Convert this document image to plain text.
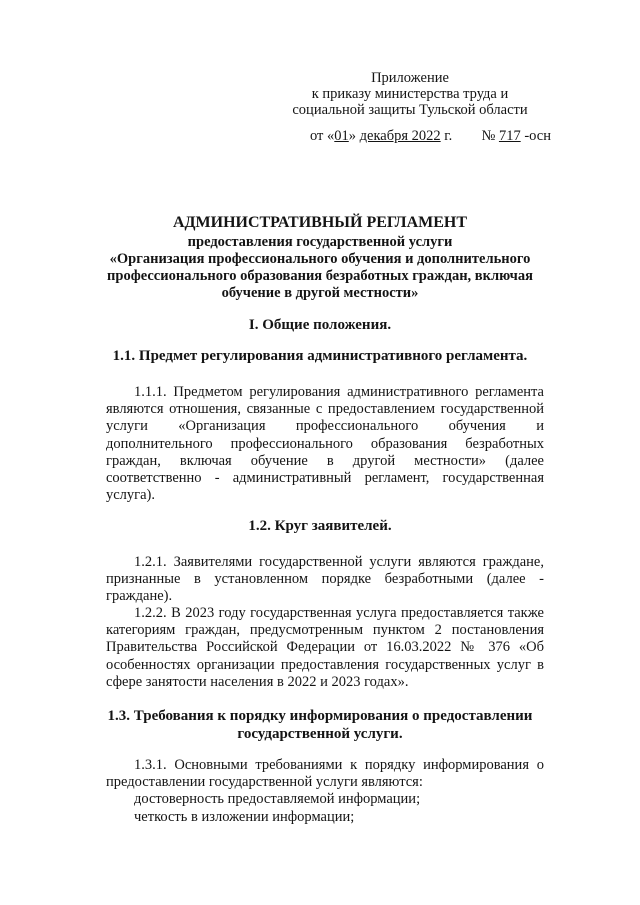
Приложение
к приказу министерства труда и
социальной защиты Тульской области
от «01» декабря 2022 г. № 717 -осн
АДМИНИСТРАТИВНЫЙ РЕГЛАМЕНТ
предоставления государственной услуги
«Организация профессионального обучения и дополнительного
профессионального образования безработных граждан, включая
обучение в другой местности»
I. Общие положения.
1.1. Предмет регулирования административного регламента.
1.1.1. Предметом регулирования административного регламента
являются отношения, связанные с предоставлением государственной
услуги «Организация профессионального обучения и
дополнительного профессионального образования безработных
граждан, включая обучение в другой местности» (далее
соответственно - административный регламент, государственная
услуга).
1.2. Круг заявителей.
1.2.1. Заявителями государственной услуги являются граждане,
признанные в установленном порядке безработными (далее -
граждане).
1.2.2. В 2023 году государственная услуга предоставляется также
категориям граждан, предусмотренным пунктом 2 постановления
Правительства Российской Федерации от 16.03.2022 № 376 «Об
особенностях организации предоставления государственных услуг в
сфере занятости населения в 2022 и 2023 годах».
1.3. Требования к порядку информирования о предоставлении
государственной услуги.
1.3.1. Основными требованиями к порядку информирования о
предоставлении государственной услуги являются:
достоверность предоставляемой информации;
четкость в изложении информации;
